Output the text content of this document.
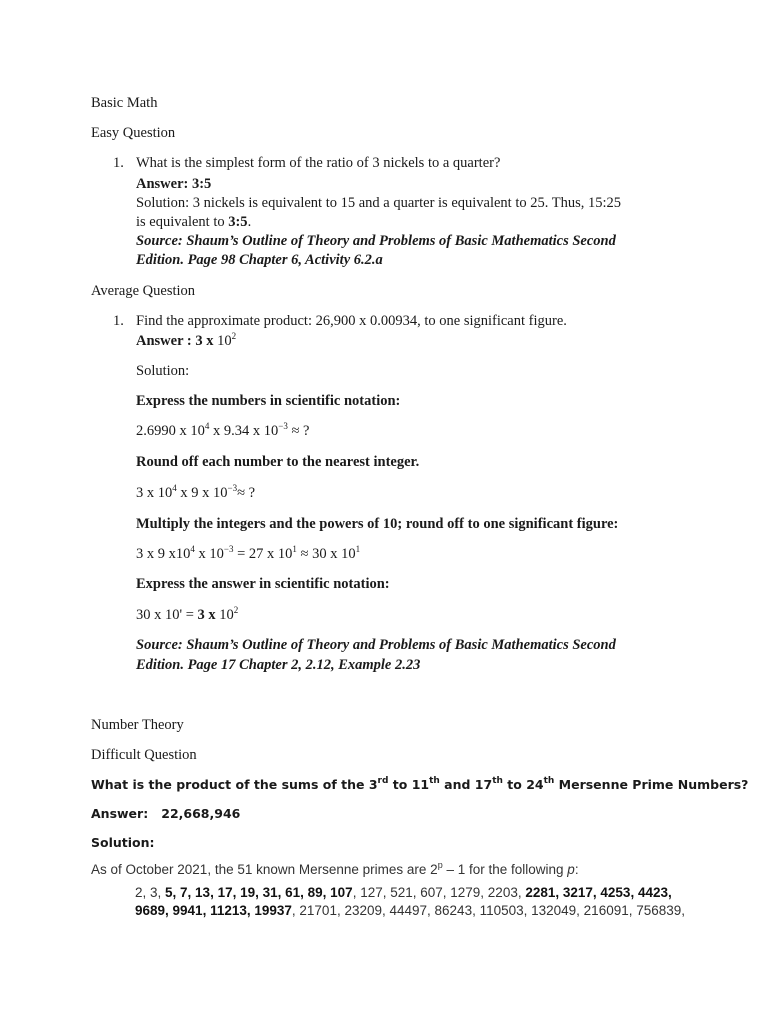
Basic Math
Easy Question
1. What is the simplest form of the ratio of 3 nickels to a quarter?
Answer: 3:5
Solution: 3 nickels is equivalent to 15 and a quarter is equivalent to 25. Thus, 15:25
is equivalent to 3:5.
Source: Shaum’s Outline of Theory and Problems of Basic Mathematics Second
Edition. Page 98 Chapter 6, Activity 6.2.a
Average Question
1. Find the approximate product: 26,900 x 0.00934, to one significant figure.
Answer : 3 x $10^2$
Solution:
Express the numbers in scientific notation:
2.6990 x $10^4$ x 9.34 x $10^{-3}$ ≈ ?
Round off each number to the nearest integer.
3 x $10^4$ x 9 x $10^{-3}\approx$ ?
Multiply the integers and the powers of 10; round off to one significant figure:
3 x 9 $x10^4$ x $10^{-3} = 27$ x $10^1 \approx 30$ x $10^1$
Express the answer in scientific notation:
30 x 10' = 3 x $10^2$
Source: Shaum’s Outline of Theory and Problems of Basic Mathematics Second
Edition. Page 17 Chapter 2, 2.12, Example 2.23
Number Theory
Difficult Question
What is the product of the sums of the 3rd to 11th and 17th to 24th Mersenne Prime Numbers?
Answer: 22,668,946
Solution:
As of October 2021, the 51 known Mersenne primes are 2$^p$ – 1 for the following p:
2, 3, 5, 7, 13, 17, 19, 31, 61, 89, 107, 127, 521, 607, 1279, 2203, 2281, 3217, 4253, 4423,
9689, 9941, 11213, 19937, 21701, 23209, 44497, 86243, 110503, 132049, 216091, 756839,
